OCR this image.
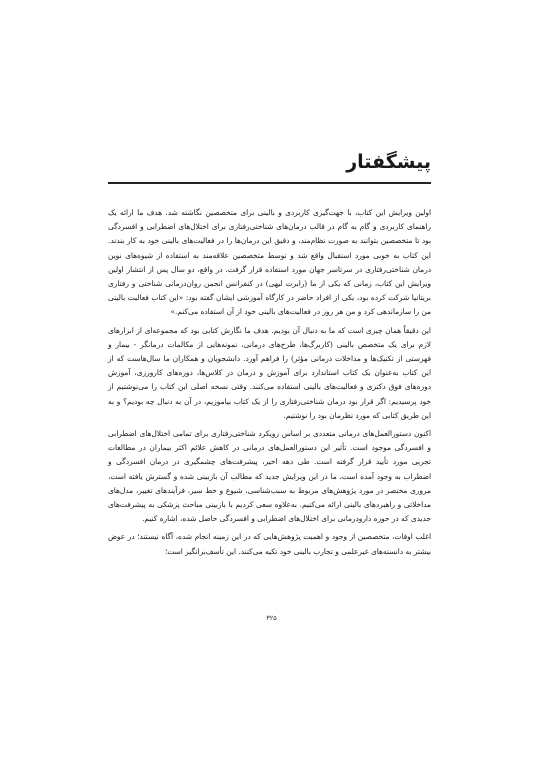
پیشگفتار

اولین ویرایش این کتاب، با جهت‌گیری کاربردی و بالینی برای متخصصین نگاشته شد. هدف ما ارائه یک راهنمای کاربردی و گام به گام در قالب درمان‌های شناختی‌رفتاری برای اختلال‌های اضطرابی و افسردگی بود تا متخصصین بتوانند به صورت نظام‌مند، و دقیق این درمان‌ها را در فعالیت‌های بالینی خود به کار بندند. این کتاب به خوبی مورد استقبال واقع شد و توسط متخصصین علاقه‌مند به استفاده از شیوه‌های نوین درمان شناختی‌رفتاری در سرتاسر جهان مورد استفاده قرار گرفت. در واقع، دو سال پس از انتشار اولین ویرایش این کتاب، زمانی که یکی از ما (رابرت لیهی) در کنفرانس انجمن روان‌درمانی شناختی و رفتاری بریتانیا شرکت کرده بود، یکی از افراد حاضر در کارگاه آموزشی ایشان گفته بود: «این کتاب فعالیت بالینی من را سازماندهی کرد و من هر روز در فعالیت‌های بالینی خود از آن استفاده می‌کنم.»

این دقیقاً همان چیزی است که ما به دنبال آن بودیم. هدف ما نگارش کتابی بود که مجموعه‌ای از ابزارهای لازم برای یک متخصص بالینی (کاربرگ‌ها، طرح‌های درمانی، نمونه‌هایی از مکالمات درمانگر - بیمار و فهرستی از تکنیک‌ها و مداخلات درمانی مؤثر) را فراهم آورد. دانشجویان و همکاران ما سال‌هاست که از این کتاب به‌عنوان یک کتاب استاندارد برای آموزش و درمان در کلاس‌ها، دوره‌های کارورزی، آموزش دوره‌های فوق دکتری و فعالیت‌های بالینی استفاده می‌کنند. وقتی نسخه اصلی این کتاب را می‌نوشتیم از خود پرسیدیم: اگر قرار بود درمان شناختی‌رفتاری را از یک کتاب بیاموزیم، در آن به دنبال چه بودیم؟ و به این طریق کتابی که مورد نظرمان بود را نوشتیم.

اکنون دستورالعمل‌های درمانی متعددی بر اساس رویکرد شناختی‌رفتاری برای تمامی اختلال‌های اضطرابی و افسردگی موجود است. تأثیر این دستورالعمل‌های درمانی در کاهش علائم اکثر بیماران در مطالعات تجربی مورد تأیید قرار گرفته است. طی دهه اخیر، پیشرفت‌های چشمگیری در درمان افسردگی و اضطراب به وجود آمده است، ما در این ویرایش جدید که مطالب آن بازبینی شده و گسترش یافته است، مروری مختصر در مورد پژوهش‌های مربوط به سبب‌شناسی، شیوع و خط سیر، فرآیندهای تغییر، مدل‌های مداخلاتی و راهبردهای بالینی ارائه می‌کنیم. به‌علاوه سعی کردیم با بازبینی مباحث پزشکی به پیشرفت‌های جدیدی که در حوزه دارودرمانی برای اختلال‌های اضطرابی و افسردگی حاصل شده، اشاره کنیم.

اغلب اوقات، متخصصین از وجود و اهمیت پژوهش‌هایی که در این زمینه انجام شده، آگاه نیستند؛ در عوض بیشتر به دانسته‌های غیرعلمی و تجارب بالینی خود تکیه می‌کنند. این تأسف‌برانگیز است؛

۳۲۵
